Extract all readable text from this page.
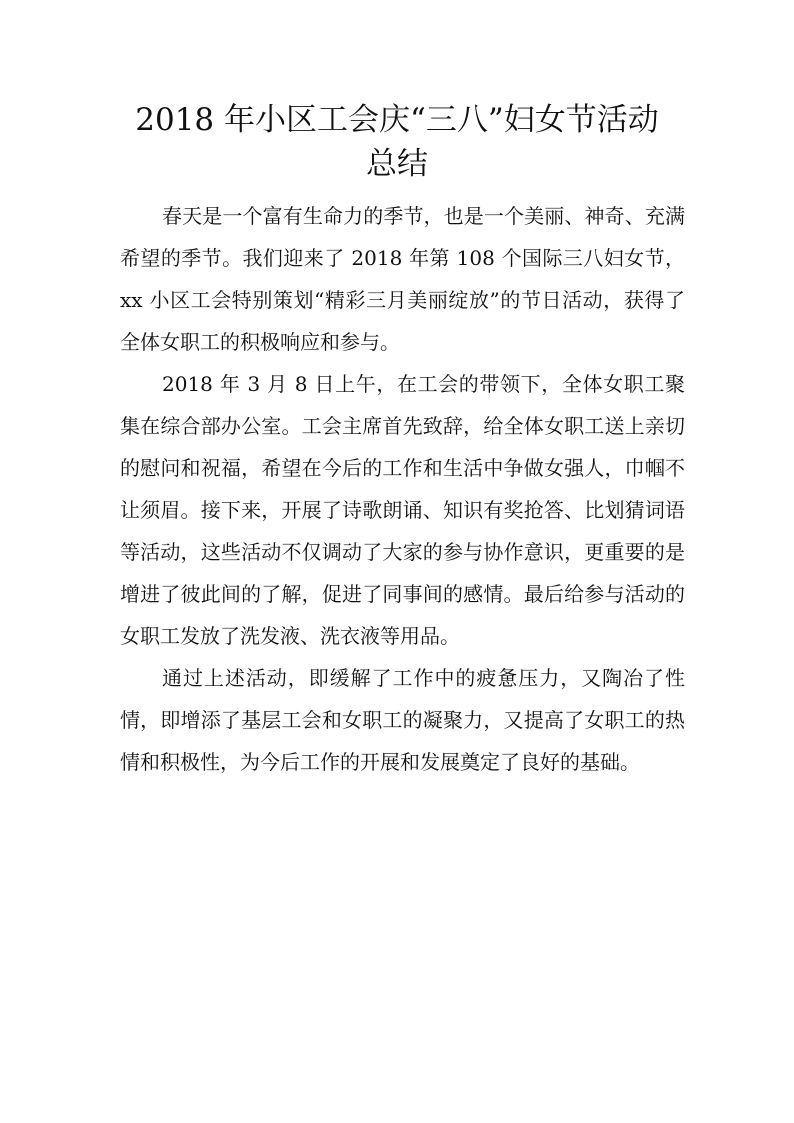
2018 年小区工会庆“三八”妇女节活动
总结

春天是一个富有生命力的季节，也是一个美丽、神奇、充满希望的季节。我们迎来了 2018 年第 108 个国际三八妇女节，xx 小区工会特别策划“精彩三月美丽绽放”的节日活动，获得了全体女职工的积极响应和参与。

2018 年 3 月 8 日上午，在工会的带领下，全体女职工聚集在综合部办公室。工会主席首先致辞，给全体女职工送上亲切的慰问和祝福，希望在今后的工作和生活中争做女强人，巾帼不让须眉。接下来，开展了诗歌朗诵、知识有奖抢答、比划猜词语等活动，这些活动不仅调动了大家的参与协作意识，更重要的是增进了彼此间的了解，促进了同事间的感情。最后给参与活动的女职工发放了洗发液、洗衣液等用品。

通过上述活动，即缓解了工作中的疲惫压力，又陶冶了性情，即增添了基层工会和女职工的凝聚力，又提高了女职工的热情和积极性，为今后工作的开展和发展奠定了良好的基础。
